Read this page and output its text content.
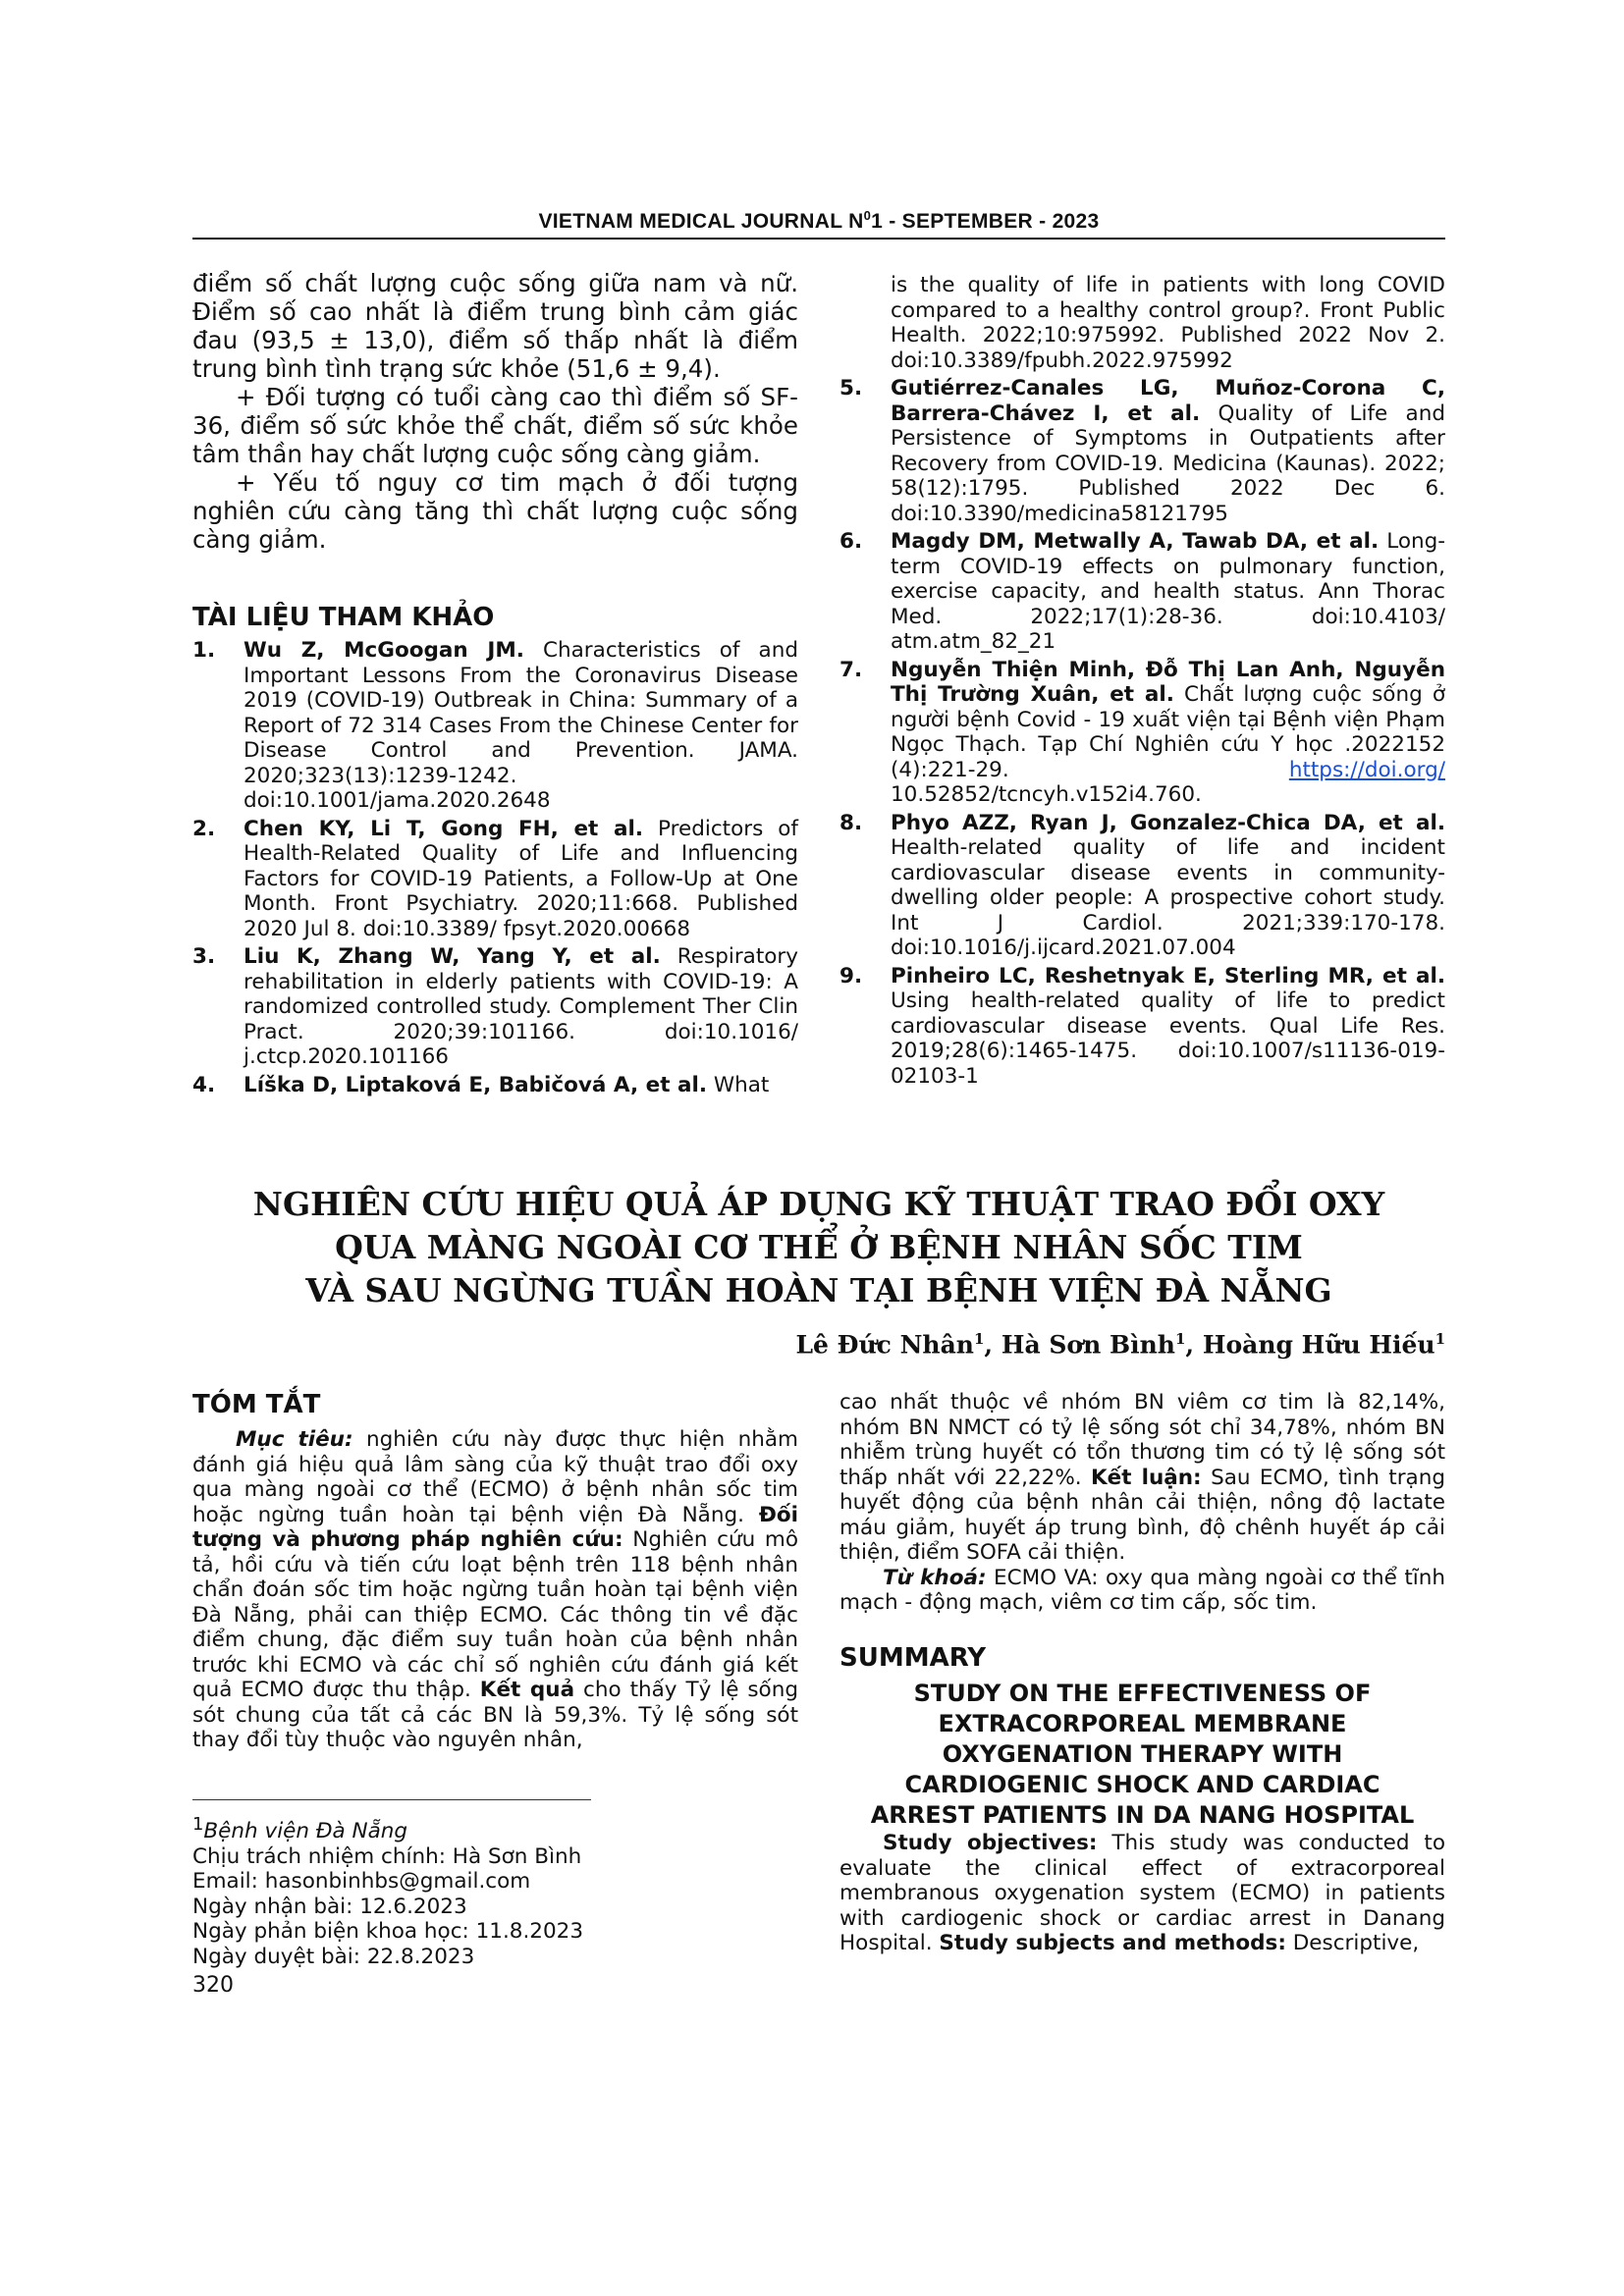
VIETNAM MEDICAL JOURNAL $N^01$ - SEPTEMBER - 2023

điểm số chất lượng cuộc sống giữa nam và nữ. Điểm số cao nhất là điểm trung bình cảm giác đau (93,5 ± 13,0), điểm số thấp nhất là điểm trung bình tình trạng sức khỏe (51,6 ± 9,4).

+ Đối tượng có tuổi càng cao thì điểm số SF-36, điểm số sức khỏe thể chất, điểm số sức khỏe tâm thần hay chất lượng cuộc sống càng giảm.

+ Yếu tố nguy cơ tim mạch ở đối tượng nghiên cứu càng tăng thì chất lượng cuộc sống càng giảm.

TÀI LIỆU THAM KHẢO

1. Wu Z, McGoogan JM. Characteristics of and Important Lessons From the Coronavirus Disease 2019 (COVID-19) Outbreak in China: Summary of a Report of 72 314 Cases From the Chinese Center for Disease Control and Prevention. JAMA. 2020;323(13):1239-1242. doi:10.1001/jama.2020.2648
2. Chen KY, Li T, Gong FH, et al. Predictors of Health-Related Quality of Life and Influencing Factors for COVID-19 Patients, a Follow-Up at One Month. Front Psychiatry. 2020;11:668. Published 2020 Jul 8. doi:10.3389/ fpsyt.2020.00668
3. Liu K, Zhang W, Yang Y, et al. Respiratory rehabilitation in elderly patients with COVID-19: A randomized controlled study. Complement Ther Clin Pract. 2020;39:101166. doi:10.1016/ j.ctcp.2020.101166
4. Líška D, Liptaková E, Babičová A, et al. What
is the quality of life in patients with long COVID compared to a healthy control group?. Front Public Health. 2022;10:975992. Published 2022 Nov 2. doi:10.3389/fpubh.2022.975992
5. Gutiérrez-Canales LG, Muñoz-Corona C, Barrera-Chávez I, et al. Quality of Life and Persistence of Symptoms in Outpatients after Recovery from COVID-19. Medicina (Kaunas). 2022; 58(12):1795. Published 2022 Dec 6. doi:10.3390/medicina58121795
6. Magdy DM, Metwally A, Tawab DA, et al. Long-term COVID-19 effects on pulmonary function, exercise capacity, and health status. Ann Thorac Med. 2022;17(1):28-36. doi:10.4103/ atm.atm_82_21
7. Nguyễn Thiện Minh, Đỗ Thị Lan Anh, Nguyễn Thị Trường Xuân, et al. Chất lượng cuộc sống ở người bệnh Covid - 19 xuất viện tại Bệnh viện Phạm Ngọc Thạch. Tạp Chí Nghiên cứu Y học .2022152 (4):221-29. https://doi.org/ 10.52852/tcncyh.v152i4.760.
8. Phyo AZZ, Ryan J, Gonzalez-Chica DA, et al. Health-related quality of life and incident cardiovascular disease events in community-dwelling older people: A prospective cohort study. Int J Cardiol. 2021;339:170-178. doi:10.1016/j.ijcard.2021.07.004
9. Pinheiro LC, Reshetnyak E, Sterling MR, et al. Using health-related quality of life to predict cardiovascular disease events. Qual Life Res. 2019;28(6):1465-1475. doi:10.1007/s11136-019-02103-1
NGHIÊN CỨU HIỆU QUẢ ÁP DỤNG KỸ THUẬT TRAO ĐỔI OXY
QUA MÀNG NGOÀI CƠ THỂ Ở BỆNH NHÂN SỐC TIM
VÀ SAU NGỪNG TUẦN HOÀN TẠI BỆNH VIỆN ĐÀ NẴNG
Lê Đức Nhân$^1$, Hà Sơn Bình$^1$, Hoàng Hữu Hiếu$^1$

TÓM TẮT

Mục tiêu: nghiên cứu này được thực hiện nhằm đánh giá hiệu quả lâm sàng của kỹ thuật trao đổi oxy qua màng ngoài cơ thể (ECMO) ở bệnh nhân sốc tim hoặc ngừng tuần hoàn tại bệnh viện Đà Nẵng. Đối tượng và phương pháp nghiên cứu: Nghiên cứu mô tả, hồi cứu và tiến cứu loạt bệnh trên 118 bệnh nhân chẩn đoán sốc tim hoặc ngừng tuần hoàn tại bệnh viện Đà Nẵng, phải can thiệp ECMO. Các thông tin về đặc điểm chung, đặc điểm suy tuần hoàn của bệnh nhân trước khi ECMO và các chỉ số nghiên cứu đánh giá kết quả ECMO được thu thập. Kết quả cho thấy Tỷ lệ sống sót chung của tất cả các BN là 59,3%. Tỷ lệ sống sót thay đổi tùy thuộc vào nguyên nhân,

cao nhất thuộc về nhóm BN viêm cơ tim là 82,14%, nhóm BN NMCT có tỷ lệ sống sót chỉ 34,78%, nhóm BN nhiễm trùng huyết có tổn thương tim có tỷ lệ sống sót thấp nhất với 22,22%. Kết luận: Sau ECMO, tình trạng huyết động của bệnh nhân cải thiện, nồng độ lactate máu giảm, huyết áp trung bình, độ chênh huyết áp cải thiện, điểm SOFA cải thiện.

Từ khoá: ECMO VA: oxy qua màng ngoài cơ thể tĩnh mạch - động mạch, viêm cơ tim cấp, sốc tim.

SUMMARY

STUDY ON THE EFFECTIVENESS OF

EXTRACORPOREAL MEMBRANE

OXYGENATION THERAPY WITH

CARDIOGENIC SHOCK AND CARDIAC

ARREST PATIENTS IN DA NANG HOSPITAL

Study objectives: This study was conducted to evaluate the clinical effect of extracorporeal membranous oxygenation system (ECMO) in patients with cardiogenic shock or cardiac arrest in Danang Hospital. Study subjects and methods: Descriptive,

$^1$Bệnh viện Đà Nẵng

Chịu trách nhiệm chính: Hà Sơn Bình

Email: hasonbinhbs@gmail.com

Ngày nhận bài: 12.6.2023

Ngày phản biện khoa học: 11.8.2023

Ngày duyệt bài: 22.8.2023

320
